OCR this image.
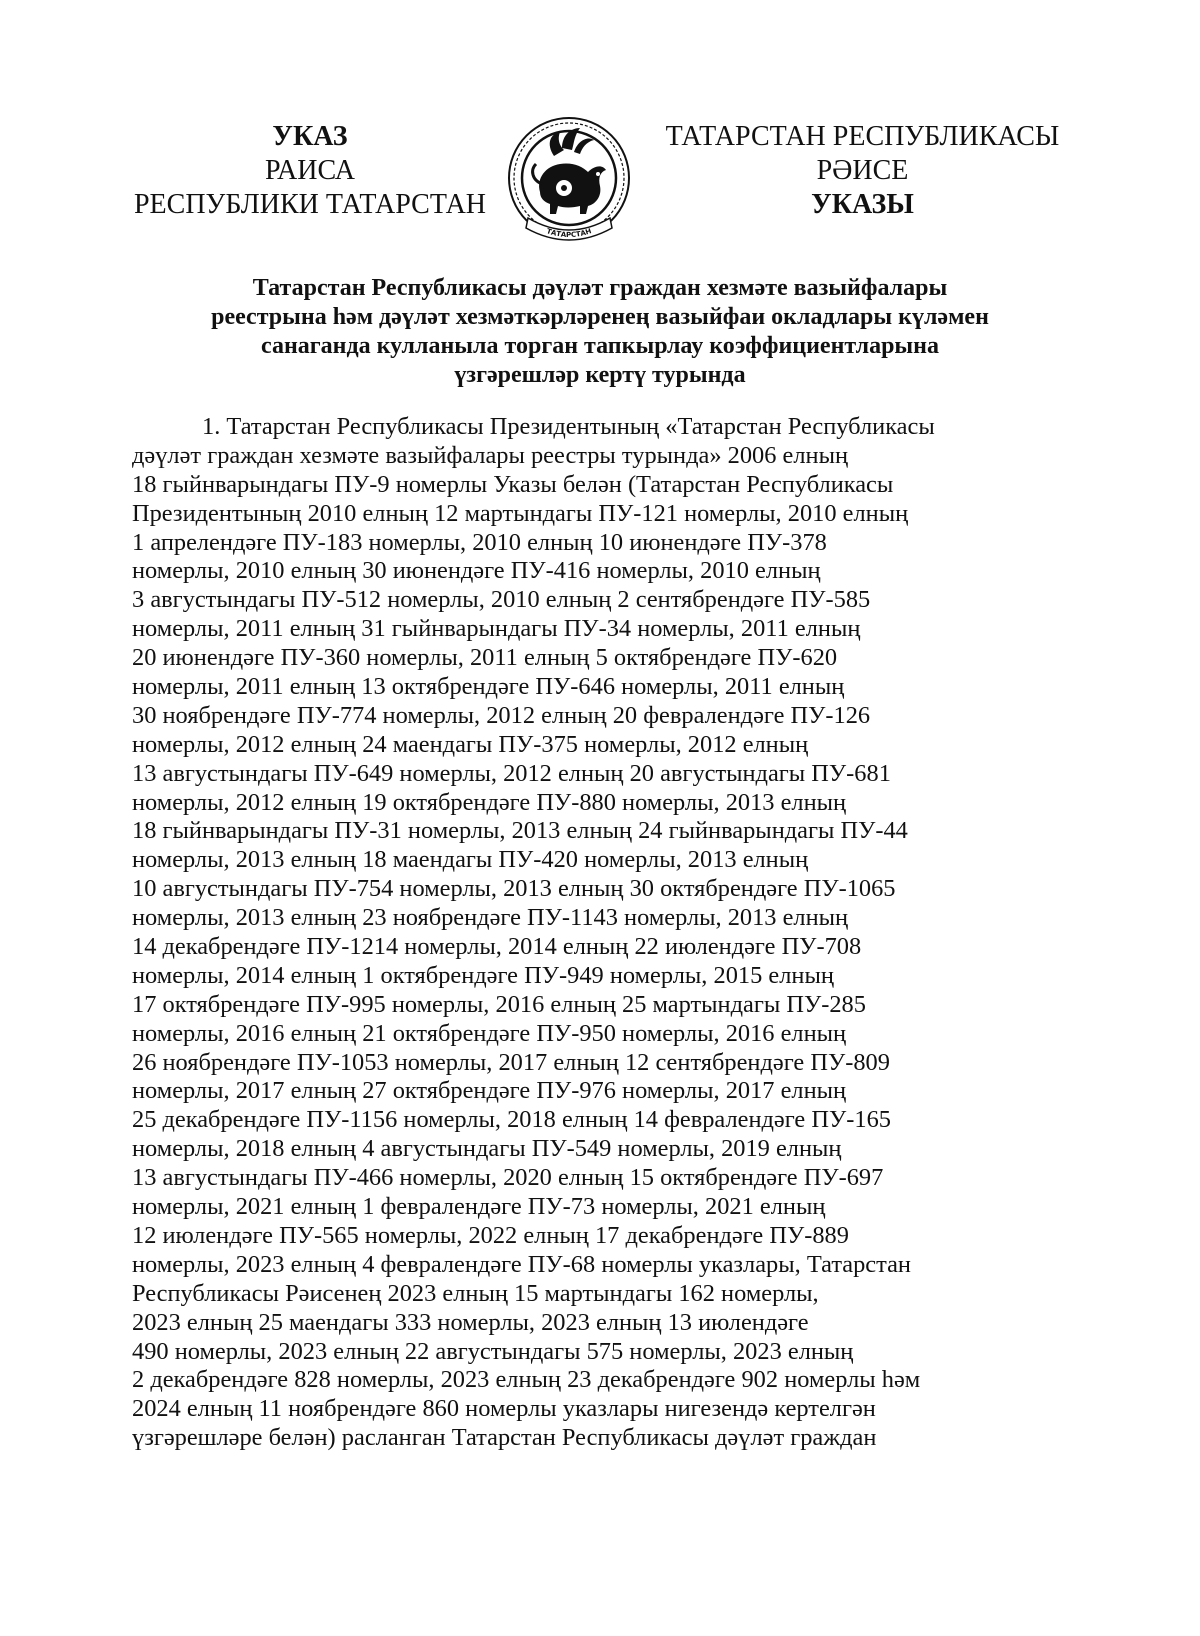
УКАЗ
РАИСА
РЕСПУБЛИКИ ТАТАРСТАН
ТАТАРСТАН
ТАТАРСТАН РЕСПУБЛИКАСЫ
РӘИСЕ
УКАЗЫ
Татарстан Республикасы дәүләт граждан хезмәте вазыйфалары
реестрына һәм дәүләт хезмәткәрләренең вазыйфаи окладлары күләмен
санаганда кулланыла торган тапкырлау коэффициентларына
үзгәрешләр кертү турында
1. Татарстан Республикасы Президентының «Татарстан Республикасы
дәүләт граждан хезмәте вазыйфалары реестры турында» 2006 елның
18 гыйнварындагы ПУ-9 номерлы Указы белән (Татарстан Республикасы
Президентының 2010 елның 12 мартындагы ПУ-121 номерлы, 2010 елның
1 апрелендәге ПУ-183 номерлы, 2010 елның 10 июнендәге ПУ-378
номерлы, 2010 елның 30 июнендәге ПУ-416 номерлы, 2010 елның
3 августындагы ПУ-512 номерлы, 2010 елның 2 сентябрендәге ПУ-585
номерлы, 2011 елның 31 гыйнварындагы ПУ-34 номерлы, 2011 елның
20 июнендәге ПУ-360 номерлы, 2011 елның 5 октябрендәге ПУ-620
номерлы, 2011 елның 13 октябрендәге ПУ-646 номерлы, 2011 елның
30 ноябрендәге ПУ-774 номерлы, 2012 елның 20 февралендәге ПУ-126
номерлы, 2012 елның 24 маендагы ПУ-375 номерлы, 2012 елның
13 августындагы ПУ-649 номерлы, 2012 елның 20 августындагы ПУ-681
номерлы, 2012 елның 19 октябрендәге ПУ-880 номерлы, 2013 елның
18 гыйнварындагы ПУ-31 номерлы, 2013 елның 24 гыйнварындагы ПУ-44
номерлы, 2013 елның 18 маендагы ПУ-420 номерлы, 2013 елның
10 августындагы ПУ-754 номерлы, 2013 елның 30 октябрендәге ПУ-1065
номерлы, 2013 елның 23 ноябрендәге ПУ-1143 номерлы, 2013 елның
14 декабрендәге ПУ-1214 номерлы, 2014 елның 22 июлендәге ПУ-708
номерлы, 2014 елның 1 октябрендәге ПУ-949 номерлы, 2015 елның
17 октябрендәге ПУ-995 номерлы, 2016 елның 25 мартындагы ПУ-285
номерлы, 2016 елның 21 октябрендәге ПУ-950 номерлы, 2016 елның
26 ноябрендәге ПУ-1053 номерлы, 2017 елның 12 сентябрендәге ПУ-809
номерлы, 2017 елның 27 октябрендәге ПУ-976 номерлы, 2017 елның
25 декабрендәге ПУ-1156 номерлы, 2018 елның 14 февралендәге ПУ-165
номерлы, 2018 елның 4 августындагы ПУ-549 номерлы, 2019 елның
13 августындагы ПУ-466 номерлы, 2020 елның 15 октябрендәге ПУ-697
номерлы, 2021 елның 1 февралендәге ПУ-73 номерлы, 2021 елның
12 июлендәге ПУ-565 номерлы, 2022 елның 17 декабрендәге ПУ-889
номерлы, 2023 елның 4 февралендәге ПУ-68 номерлы указлары, Татарстан
Республикасы Рәисенең 2023 елның 15 мартындагы 162 номерлы,
2023 елның 25 маендагы 333 номерлы, 2023 елның 13 июлендәге
490 номерлы, 2023 елның 22 августындагы 575 номерлы, 2023 елның
2 декабрендәге 828 номерлы, 2023 елның 23 декабрендәге 902 номерлы һәм
2024 елның 11 ноябрендәге 860 номерлы указлары нигезендә кертелгән
үзгәрешләре белән) расланган Татарстан Республикасы дәүләт граждан
